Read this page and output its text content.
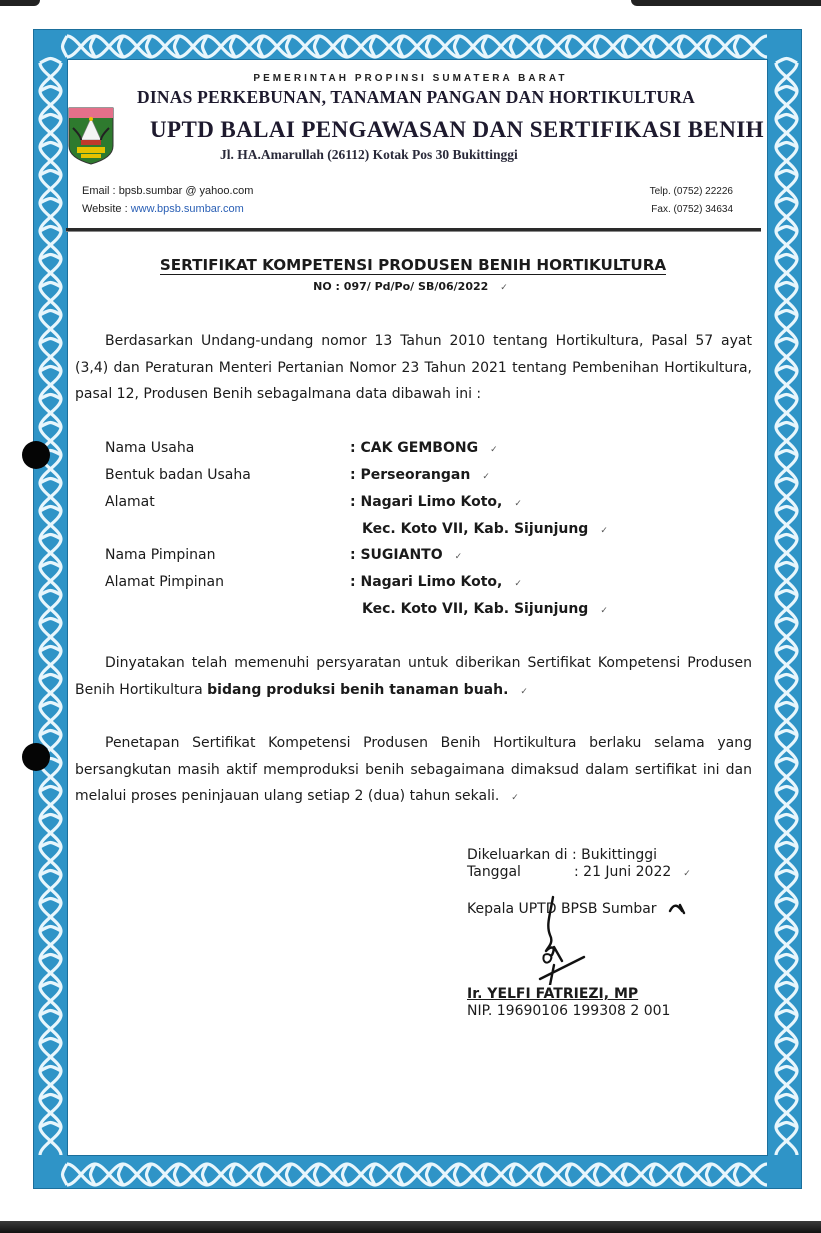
PEMERINTAH PROPINSI SUMATERA BARAT
DINAS PERKEBUNAN, TANAMAN PANGAN DAN HORTIKULTURA
UPTD BALAI PENGAWASAN DAN SERTIFIKASI BENIH
Jl. HA.Amarullah (26112) Kotak Pos 30 Bukittinggi
Email : bpsb.sumbar @ yahoo.com
Website : www.bpsb.sumbar.com
Telp. (0752) 22226
Fax. (0752) 34634
SERTIFIKAT KOMPETENSI PRODUSEN BENIH HORTIKULTURA
NO : 097/ Pd/Po/ SB/06/2022 ✓
Berdasarkan Undang-undang nomor 13 Tahun 2010 tentang Hortikultura, Pasal 57 ayat (3,4) dan Peraturan Menteri Pertanian Nomor 23 Tahun 2021 tentang Pembenihan Hortikultura, pasal 12, Produsen Benih sebagalmana data dibawah ini :
Nama Usaha	: CAK GEMBONG ✓
Bentuk badan Usaha	: Perseorangan ✓
Alamat	: Nagari Limo Koto, ✓
Kec. Koto VII, Kab. Sijunjung ✓
Nama Pimpinan	: SUGIANTO ✓
Alamat Pimpinan	: Nagari Limo Koto, ✓
Kec. Koto VII, Kab. Sijunjung ✓
Dinyatakan telah memenuhi persyaratan untuk diberikan Sertifikat Kompetensi Produsen Benih Hortikultura bidang produksi benih tanaman buah. ✓
Penetapan Sertifikat Kompetensi Produsen Benih Hortikultura berlaku selama yang bersangkutan masih aktif memproduksi benih sebagaimana dimaksud dalam sertifikat ini dan melalui proses peninjauan ulang setiap 2 (dua) tahun sekali. ✓
Dikeluarkan di : Bukittinggi
Tanggal	: 21 Juni 2022 ✓
Kepala UPTD BPSB Sumbar
Ir. YELFI FATRIEZI, MP
NIP. 19690106 199308 2 001
